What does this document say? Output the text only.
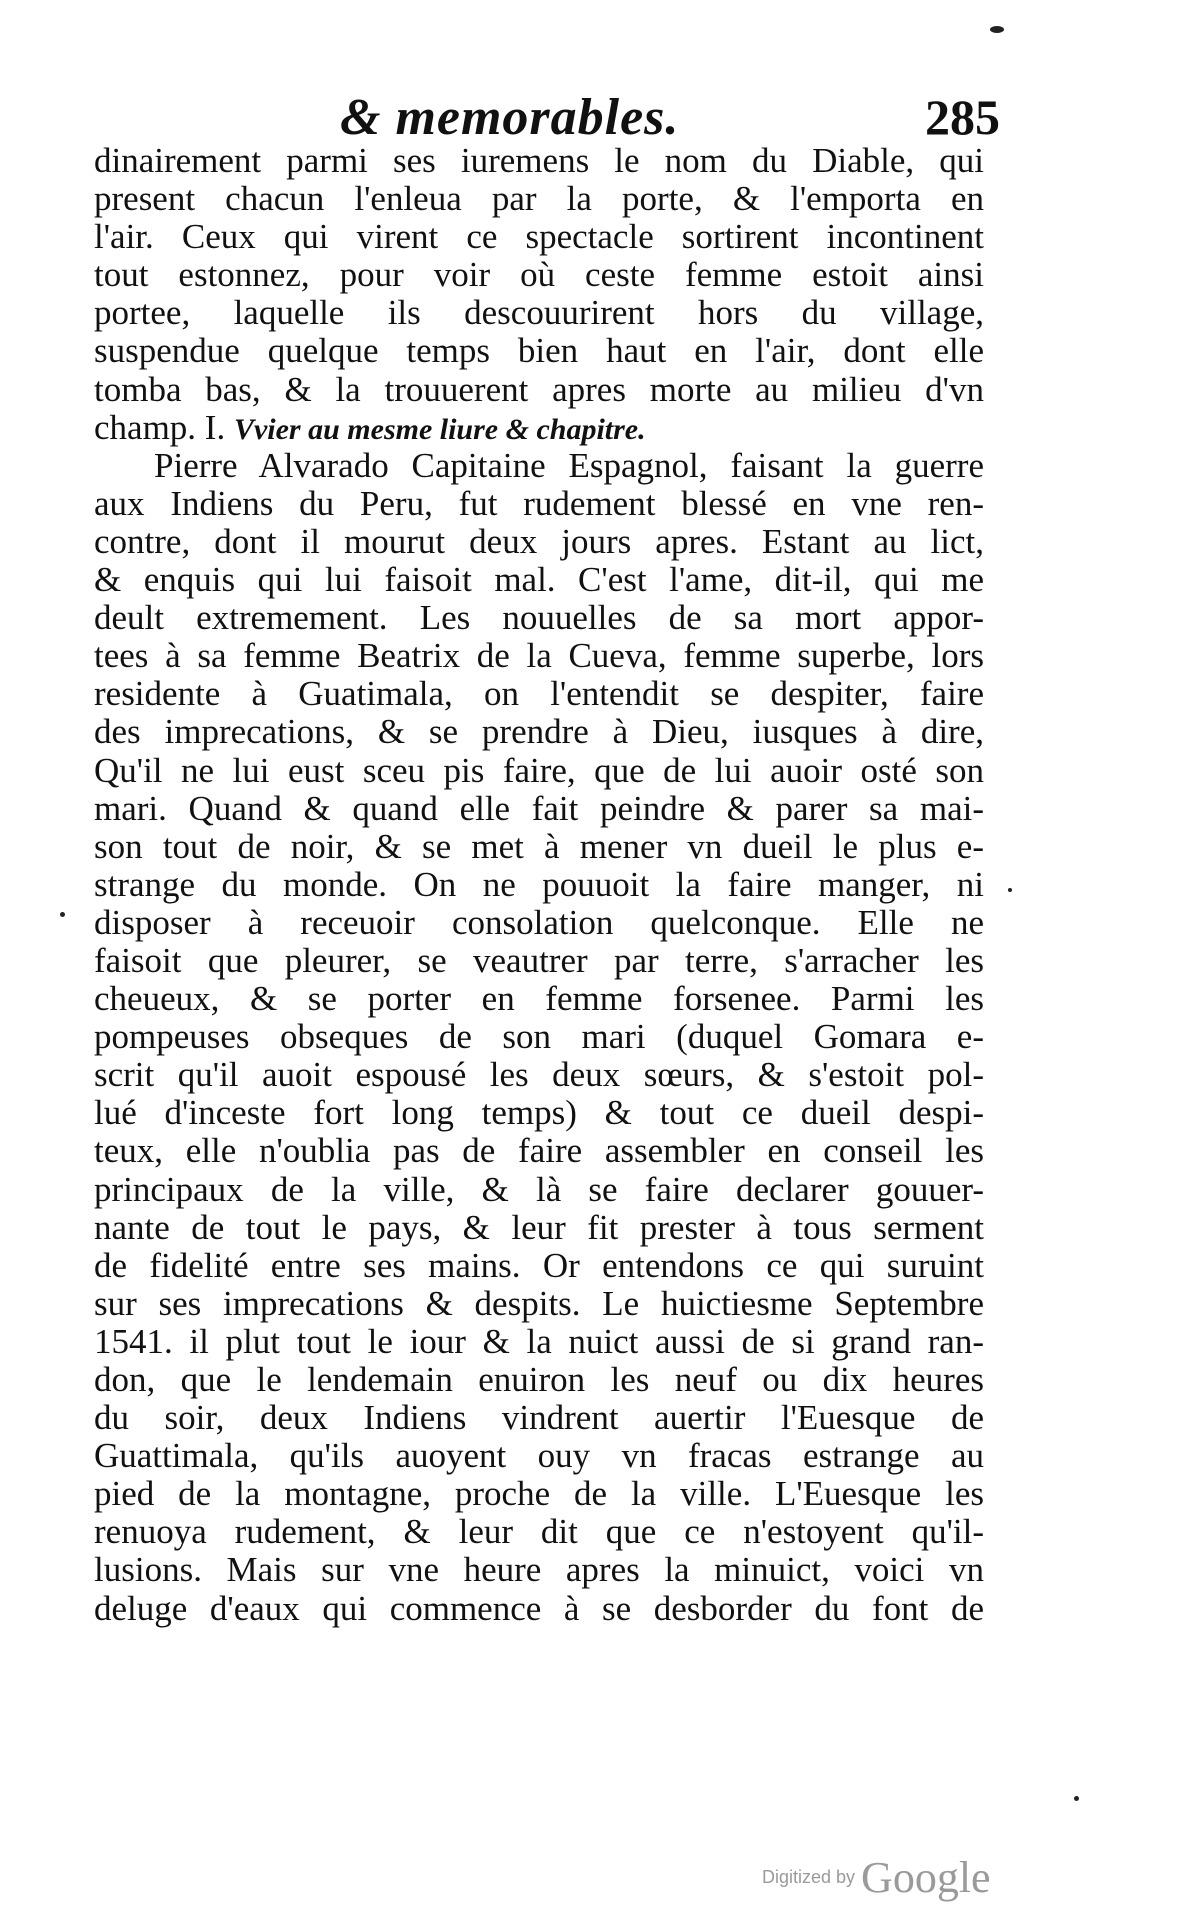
& memorables.	285
dinairement parmi ses iuremens le nom du Diable, qui
present chacun l'enleua par la porte, & l'emporta en
l'air. Ceux qui virent ce spectacle sortirent incontinent
tout estonnez, pour voir où ceste femme estoit ainsi
portee, laquelle ils descouurirent hors du village,
suspendue quelque temps bien haut en l'air, dont elle
tomba bas, & la trouuerent apres morte au milieu d'vn
champ. I. Vvier au mesme liure & chapitre.
Pierre Alvarado Capitaine Espagnol, faisant la guerre
aux Indiens du Peru, fut rudement blessé en vne ren-
contre, dont il mourut deux jours apres. Estant au lict,
& enquis qui lui faisoit mal. C'est l'ame, dit-il, qui me
deult extremement. Les nouuelles de sa mort appor-
tees à sa femme Beatrix de la Cueva, femme superbe, lors
residente à Guatimala, on l'entendit se despiter, faire
des imprecations, & se prendre à Dieu, iusques à dire,
Qu'il ne lui eust sceu pis faire, que de lui auoir osté son
mari. Quand & quand elle fait peindre & parer sa mai-
son tout de noir, & se met à mener vn dueil le plus e-
strange du monde. On ne pouuoit la faire manger, ni
disposer à receuoir consolation quelconque. Elle ne
faisoit que pleurer, se veautrer par terre, s'arracher les
cheueux, & se porter en femme forsenee. Parmi les
pompeuses obseques de son mari (duquel Gomara e-
scrit qu'il auoit espousé les deux sœurs, & s'estoit pol-
lué d'inceste fort long temps) & tout ce dueil despi-
teux, elle n'oublia pas de faire assembler en conseil les
principaux de la ville, & là se faire declarer gouuer-
nante de tout le pays, & leur fit prester à tous serment
de fidelité entre ses mains. Or entendons ce qui suruint
sur ses imprecations & despits. Le huictiesme Septembre
1541. il plut tout le iour & la nuict aussi de si grand ran-
don, que le lendemain enuiron les neuf ou dix heures
du soir, deux Indiens vindrent auertir l'Euesque de
Guattimala, qu'ils auoyent ouy vn fracas estrange au
pied de la montagne, proche de la ville. L'Euesque les
renuoya rudement, & leur dit que ce n'estoyent qu'il-
lusions. Mais sur vne heure apres la minuict, voici vn
deluge d'eaux qui commence à se desborder du font de
Digitized by Google
